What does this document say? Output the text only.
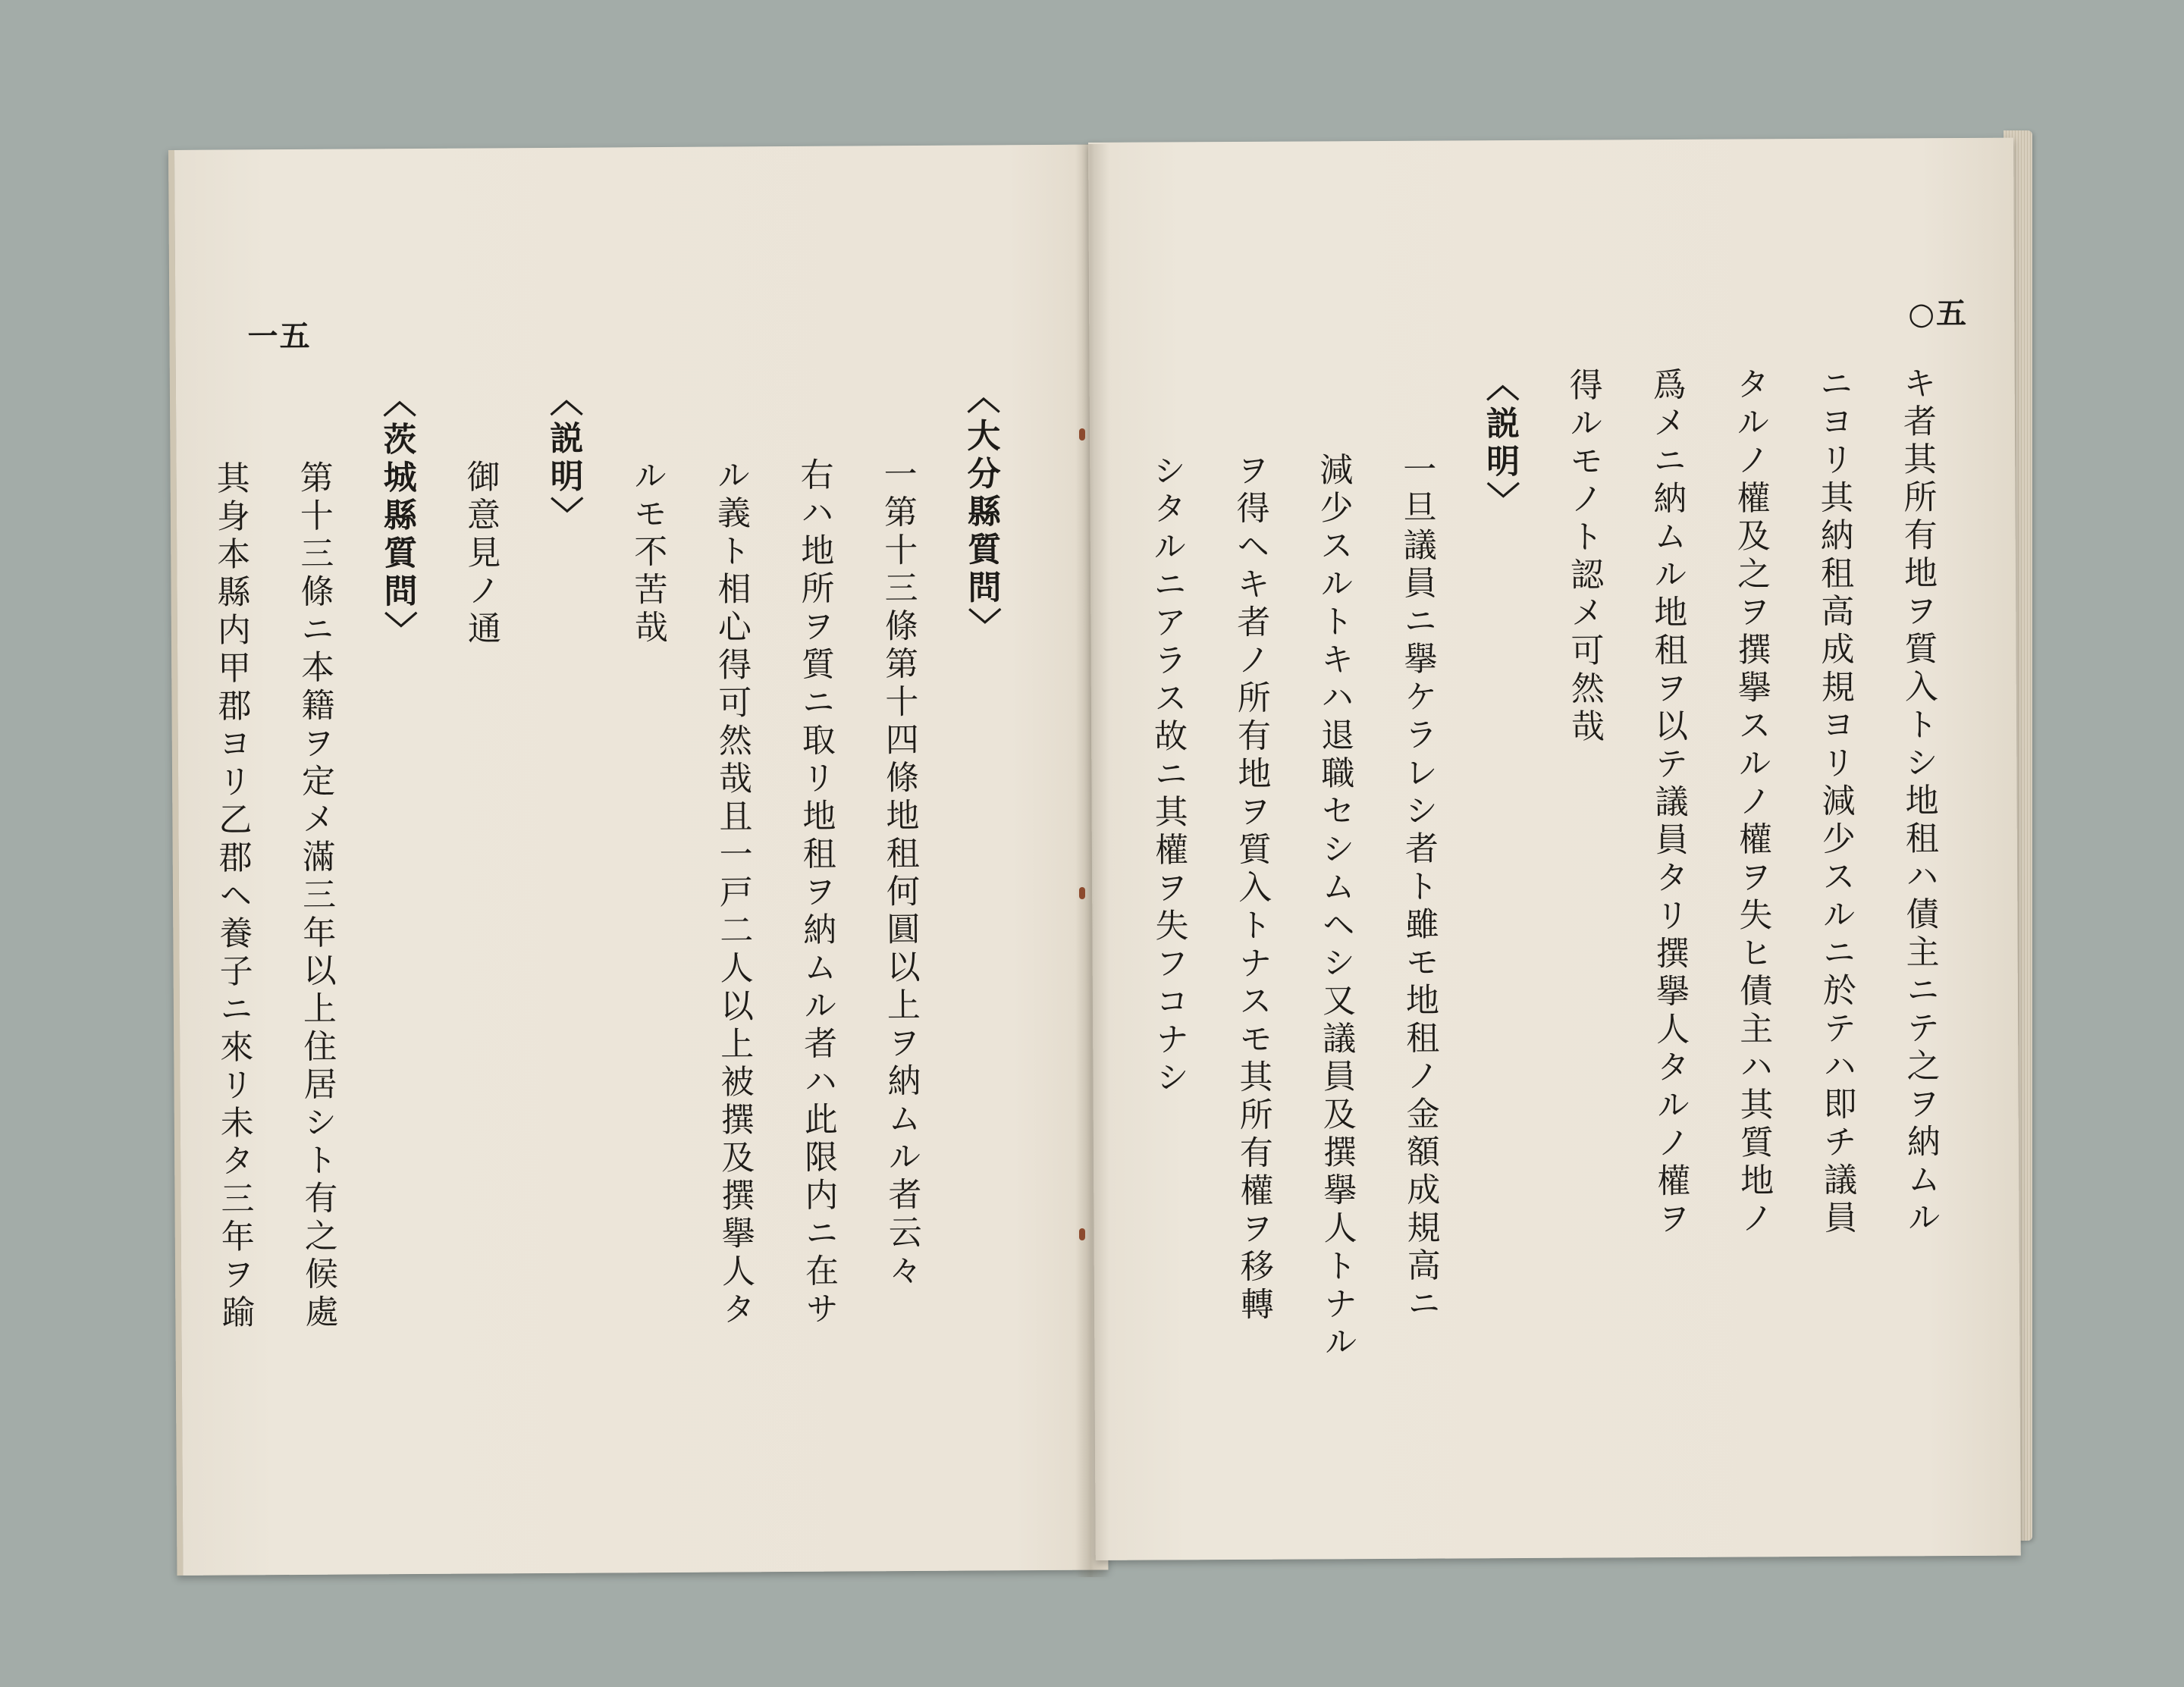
一五
〈大分縣質問〉
一第十三條第十四條地租何圓以上ヲ納ムル者云々
右ハ地所ヲ質ニ取リ地租ヲ納ムル者ハ此限内ニ在サ
ル義ト相心得可然哉且一戸二人以上被撰及撰擧人タ
ルモ不苦哉
〈説明〉
御意見ノ通
〈茨城縣質問〉
第十三條ニ本籍ヲ定メ滿三年以上住居シト有之候處
其身本縣内甲郡ヨリ乙郡ヘ養子ニ來リ未タ三年ヲ踰
○五
キ者其所有地ヲ質入トシ地租ハ債主ニテ之ヲ納ムル
ニヨリ其納租高成規ヨリ減少スルニ於テハ即チ議員
タルノ權及之ヲ撰擧スルノ權ヲ失ヒ債主ハ其質地ノ
爲メニ納ムル地租ヲ以テ議員タリ撰擧人タルノ權ヲ
得ルモノト認メ可然哉
〈説明〉
一旦議員ニ擧ケラレシ者ト雖モ地租ノ金額成規高ニ
減少スルトキハ退職セシムヘシ又議員及撰擧人トナル
ヲ得ヘキ者ノ所有地ヲ質入トナスモ其所有權ヲ移轉
シタルニアラス故ニ其權ヲ失フコナシ
